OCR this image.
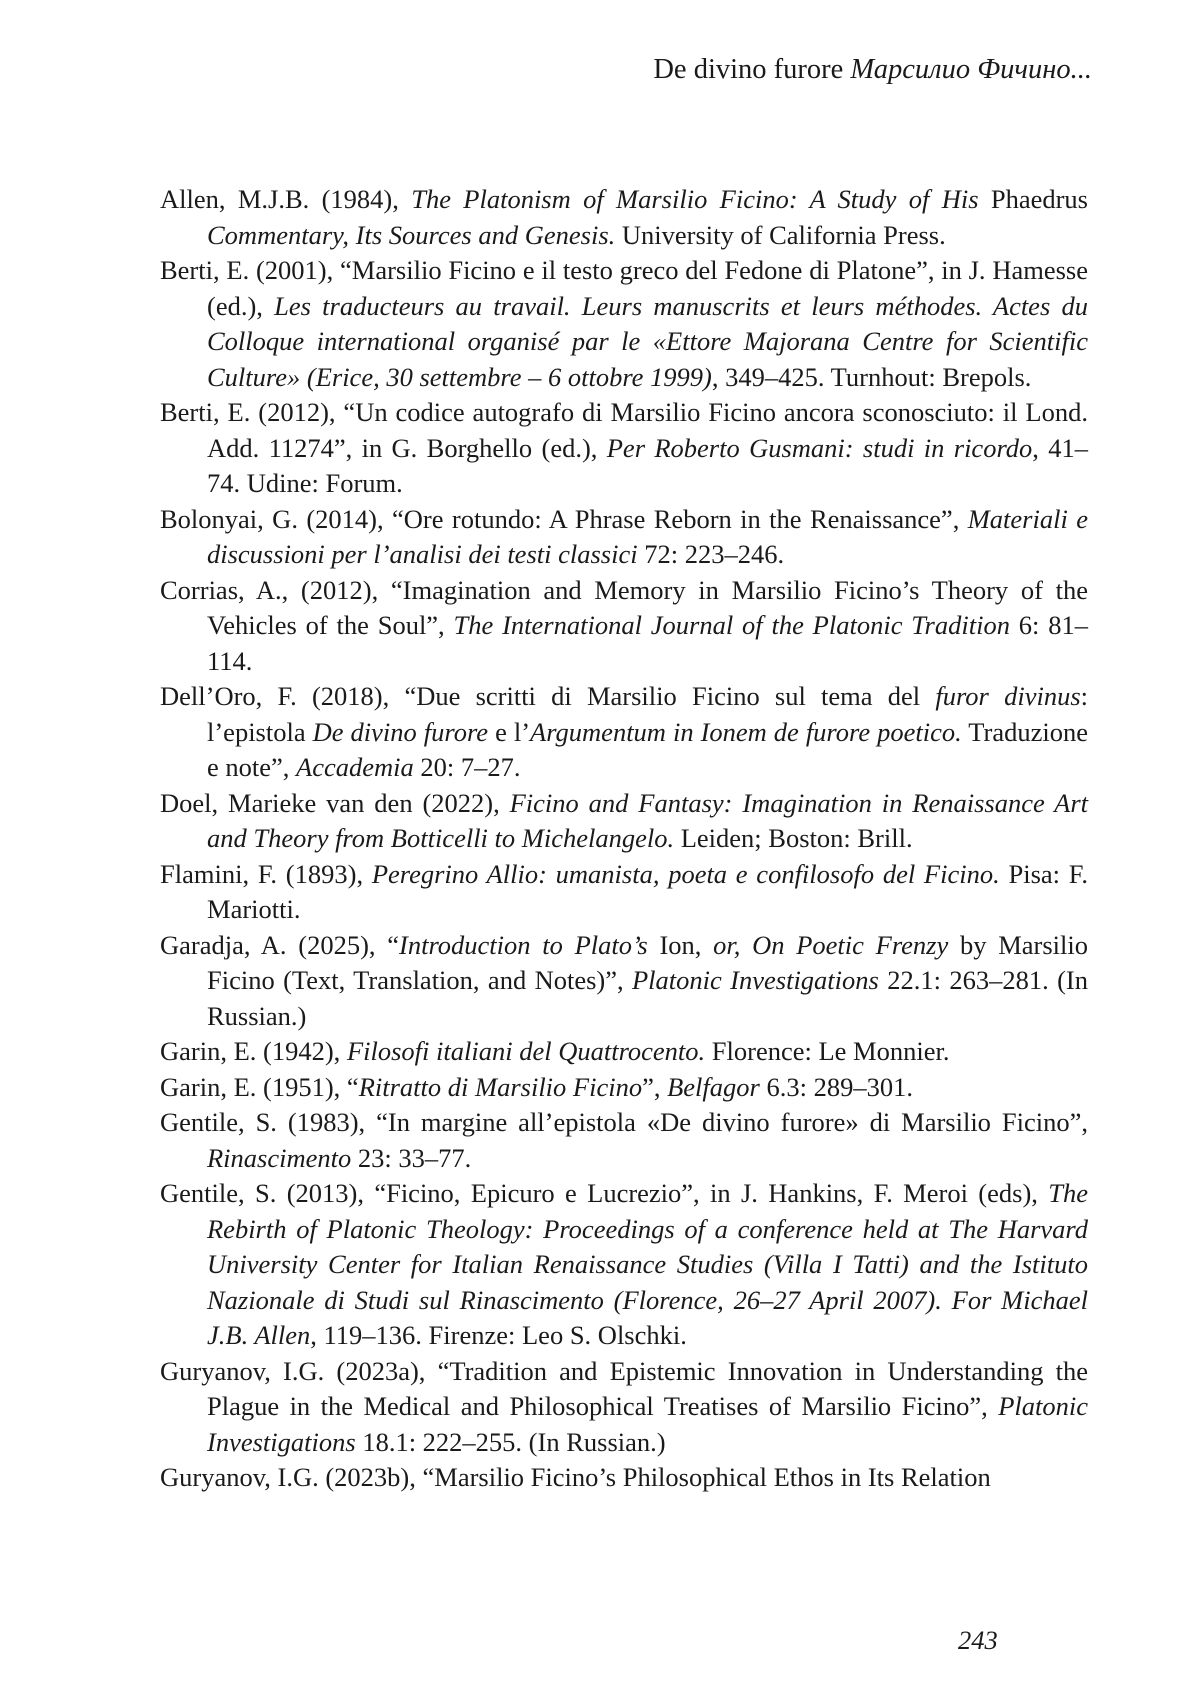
De divino furore Марсилио Фичино...

Allen, M.J.B. (1984), The Platonism of Marsilio Ficino: A Study of His Phaedrus Commentary, Its Sources and Genesis. University of California Press.

Berti, E. (2001), “Marsilio Ficino e il testo greco del Fedone di Platone”, in J. Hamesse (ed.), Les traducteurs au travail. Leurs manuscrits et leurs méthodes. Actes du Colloque international organisé par le «Ettore Majorana Centre for Scientific Culture» (Erice, 30 settembre – 6 ottobre 1999), 349–425. Turnhout: Brepols.

Berti, E. (2012), “Un codice autografo di Marsilio Ficino ancora sconosciuto: il Lond. Add. 11274”, in G. Borghello (ed.), Per Roberto Gusmani: studi in ricordo, 41–74. Udine: Forum.

Bolonyai, G. (2014), “Ore rotundo: A Phrase Reborn in the Renaissance”, Materiali e discussioni per l’analisi dei testi classici 72: 223–246.

Corrias, A., (2012), “Imagination and Memory in Marsilio Ficino’s Theory of the Vehicles of the Soul”, The International Journal of the Platonic Tradition 6: 81–114.

Dell’Oro, F. (2018), “Due scritti di Marsilio Ficino sul tema del furor divinus: l’epistola De divino furore e l’Argumentum in Ionem de furore poetico. Traduzione e note”, Accademia 20: 7–27.

Doel, Marieke van den (2022), Ficino and Fantasy: Imagination in Renaissance Art and Theory from Botticelli to Michelangelo. Leiden; Boston: Brill.

Flamini, F. (1893), Peregrino Allio: umanista, poeta e confilosofo del Ficino. Pisa: F. Mariotti.

Garadja, A. (2025), “Introduction to Plato’s Ion, or, On Poetic Frenzy by Marsilio Ficino (Text, Translation, and Notes)”, Platonic Investigations 22.1: 263–281. (In Russian.)

Garin, E. (1942), Filosofi italiani del Quattrocento. Florence: Le Monnier.

Garin, E. (1951), “Ritratto di Marsilio Ficino”, Belfagor 6.3: 289–301.

Gentile, S. (1983), “In margine all’epistola «De divino furore» di Marsilio Ficino”, Rinascimento 23: 33–77.

Gentile, S. (2013), “Ficino, Epicuro e Lucrezio”, in J. Hankins, F. Meroi (eds), The Rebirth of Platonic Theology: Proceedings of a conference held at The Harvard University Center for Italian Renaissance Studies (Villa I Tatti) and the Istituto Nazionale di Studi sul Rinascimento (Florence, 26–27 April 2007). For Michael J.B. Allen, 119–136. Firenze: Leo S. Olschki.

Guryanov, I.G. (2023a), “Tradition and Epistemic Innovation in Understanding the Plague in the Medical and Philosophical Treatises of Marsilio Ficino”, Platonic Investigations 18.1: 222–255. (In Russian.)

Guryanov, I.G. (2023b), “Marsilio Ficino’s Philosophical Ethos in Its Relation

243
